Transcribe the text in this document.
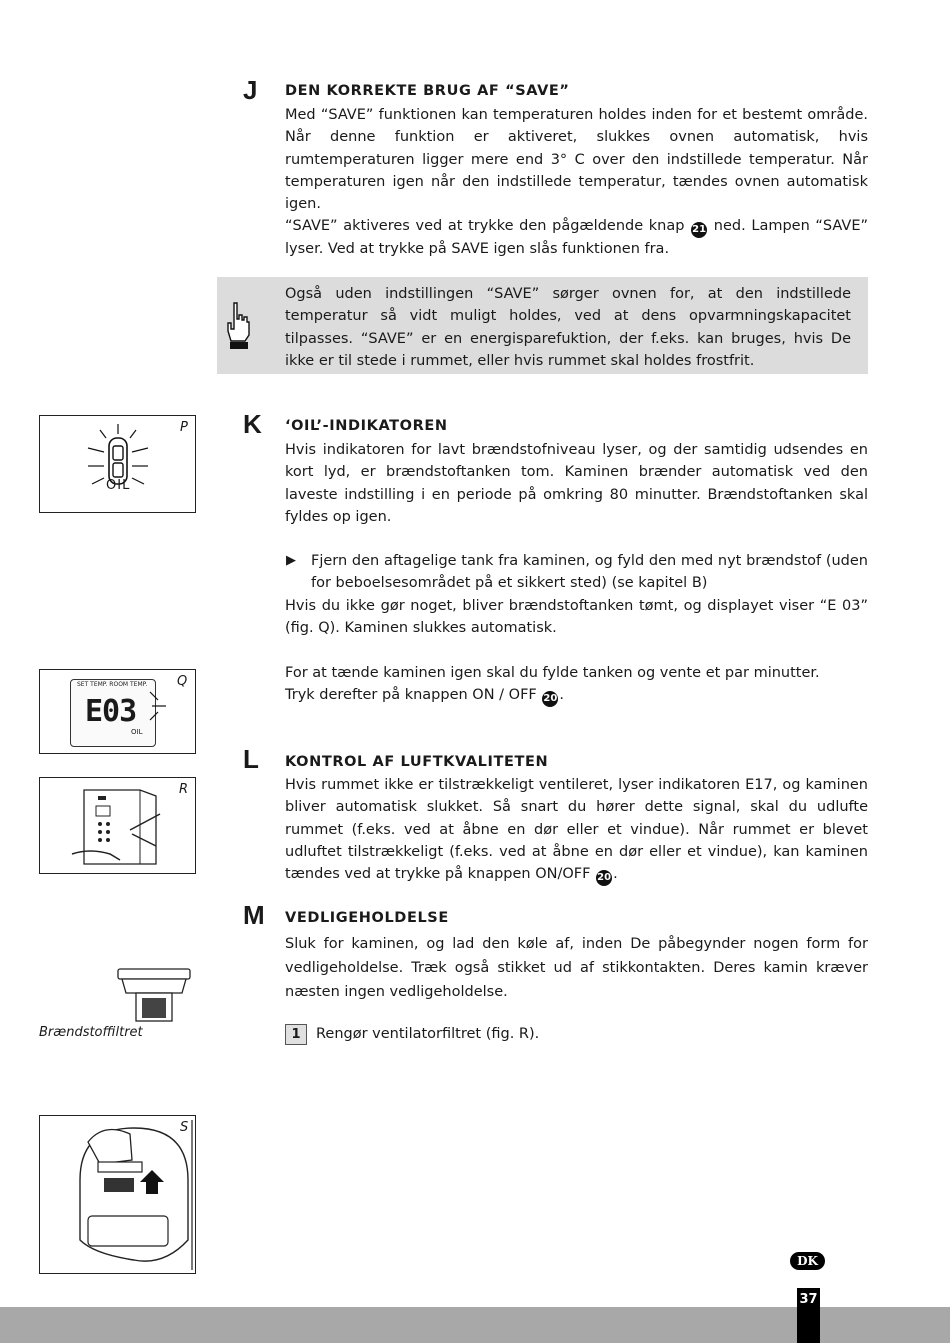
J DEN KORREKTE BRUG AF “SAVE”

Med “SAVE” funktionen kan temperaturen holdes inden for et bestemt område. Når denne funktion er aktiveret, slukkes ovnen automatisk, hvis rumtemperaturen ligger mere end 3° C over den indstillede temperatur. Når temperaturen igen når den indstillede temperatur, tændes ovnen automatisk igen.

“SAVE” aktiveres ved at trykke den pågældende knap 21 ned. Lampen “SAVE” lyser. Ved at trykke på SAVE igen slås funktionen fra.

Også uden indstillingen “SAVE” sørger ovnen for, at den indstillede temperatur så vidt muligt holdes, ved at dens opvarmningskapacitet tilpasses. “SAVE” er en energisparefuktion, der f.eks. kan bruges, hvis De ikke er til stede i rummet, eller hvis rummet skal holdes frostfrit.
P
OIL
K ‘OIL’-INDIKATOREN

Hvis indikatoren for lavt brændstofniveau lyser, og der samtidig udsendes en kort lyd, er brændstoftanken tom. Kaminen brænder automatisk ved den laveste indstilling i en periode på omkring 80 minutter. Brændstoftanken skal fyldes op igen.

▶ Fjern den aftagelige tank fra kaminen, og fyld den med nyt brændstof (uden for beboelsesområdet på et sikkert sted) (se kapitel B)
Hvis du ikke gør noget, bliver brændstoftanken tømt, og displayet viser “E 03” (fig. Q). Kaminen slukkes automatisk.

For at tænde kaminen igen skal du fylde tanken og vente et par minutter.

Tryk derefter på knappen ON / OFF 20 .

Q
SET TEMP. ROOM TEMP.
E03
OIL
R
L KONTROL AF LUFTKVALITETEN
Hvis rummet ikke er tilstrækkeligt ventileret, lyser indikatoren E17, og kaminen bliver automatisk slukket. Så snart du hører dette signal, skal du udlufte rummet (f.eks. ved at åbne en dør eller et vindue). Når rummet er blevet udluftet tilstrækkeligt (f.eks. ved at åbne en dør eller et vindue), kan kaminen tændes ved at trykke på knappen ON/OFF 20 .
M VEDLIGEHOLDELSE
Sluk for kaminen, og lad den køle af, inden De påbegynder nogen form for vedligeholdelse. Træk også stikket ud af stikkontakten. Deres kamin kræver næsten ingen vedligeholdelse.
1 Rengør ventilatorfiltret (fig. R).
Brændstoffiltret
S
DK
37
